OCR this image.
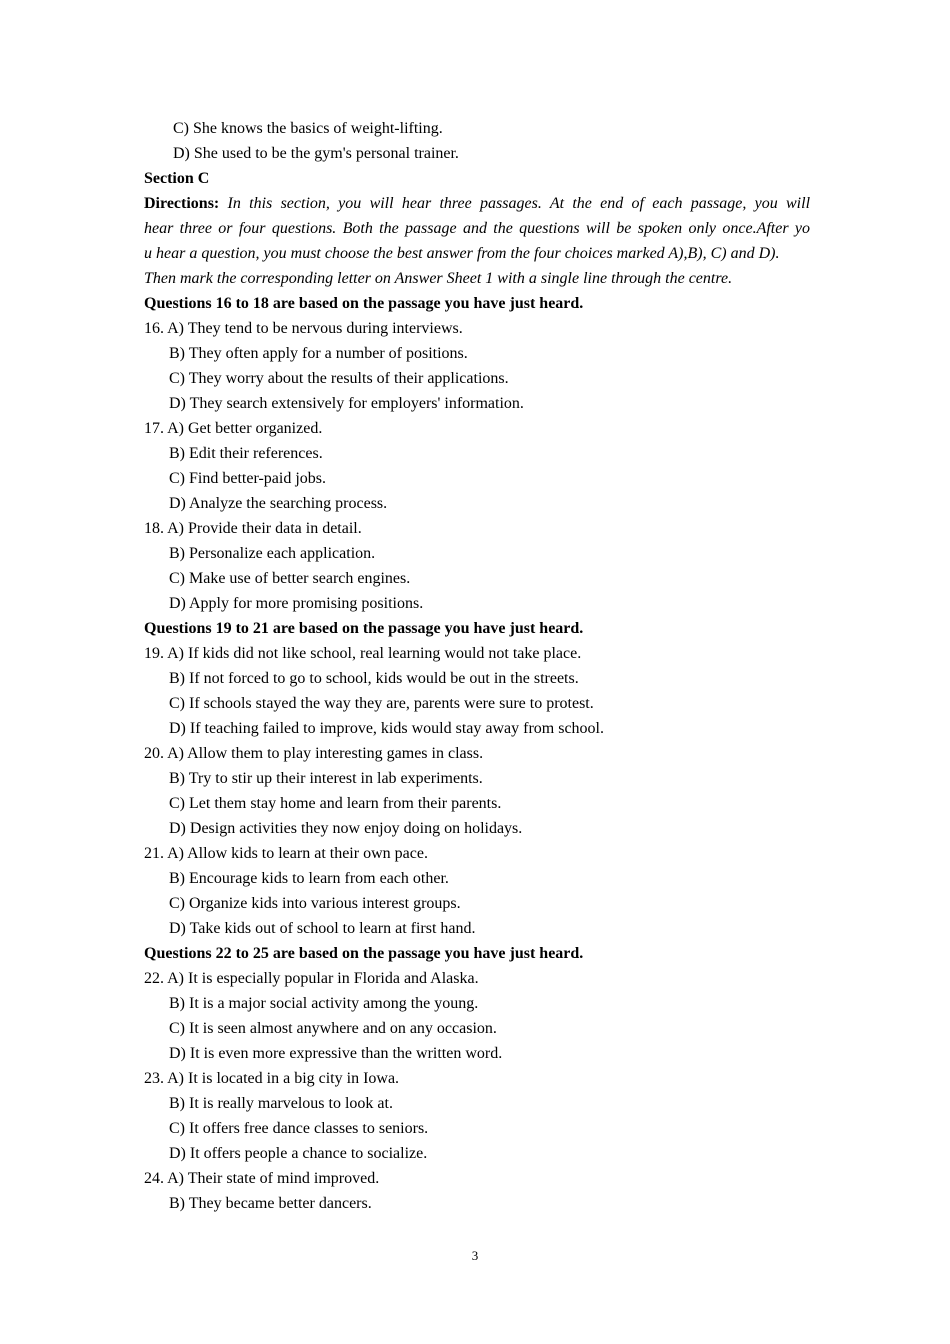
C) She knows the basics of weight-lifting.
D) She used to be the gym's personal trainer.
Section C
Directions: In this section, you will hear three passages. At the end of each passage, you will
hear three or four questions. Both the passage and the questions will be spoken only once.After yo
u hear a question, you must choose the best answer from the four choices marked A),B), C) and D).
Then mark the corresponding letter on Answer Sheet 1 with a single line through the centre.
Questions 16 to 18 are based on the passage you have just heard.
16. A) They tend to be nervous during interviews.
B) They often apply for a number of positions.
C) They worry about the results of their applications.
D) They search extensively for employers' information.
17. A) Get better organized.
B) Edit their references.
C) Find better-paid jobs.
D) Analyze the searching process.
18. A) Provide their data in detail.
B) Personalize each application.
C) Make use of better search engines.
D) Apply for more promising positions.
Questions 19 to 21 are based on the passage you have just heard.
19. A) If kids did not like school, real learning would not take place.
B) If not forced to go to school, kids would be out in the streets.
C) If schools stayed the way they are, parents were sure to protest.
D) If teaching failed to improve, kids would stay away from school.
20. A) Allow them to play interesting games in class.
B) Try to stir up their interest in lab experiments.
C) Let them stay home and learn from their parents.
D) Design activities they now enjoy doing on holidays.
21. A) Allow kids to learn at their own pace.
B) Encourage kids to learn from each other.
C) Organize kids into various interest groups.
D) Take kids out of school to learn at first hand.
Questions 22 to 25 are based on the passage you have just heard.
22. A) It is especially popular in Florida and Alaska.
B) It is a major social activity among the young.
C) It is seen almost anywhere and on any occasion.
D) It is even more expressive than the written word.
23. A) It is located in a big city in Iowa.
B) It is really marvelous to look at.
C) It offers free dance classes to seniors.
D) It offers people a chance to socialize.
24. A) Their state of mind improved.
B) They became better dancers.
3
